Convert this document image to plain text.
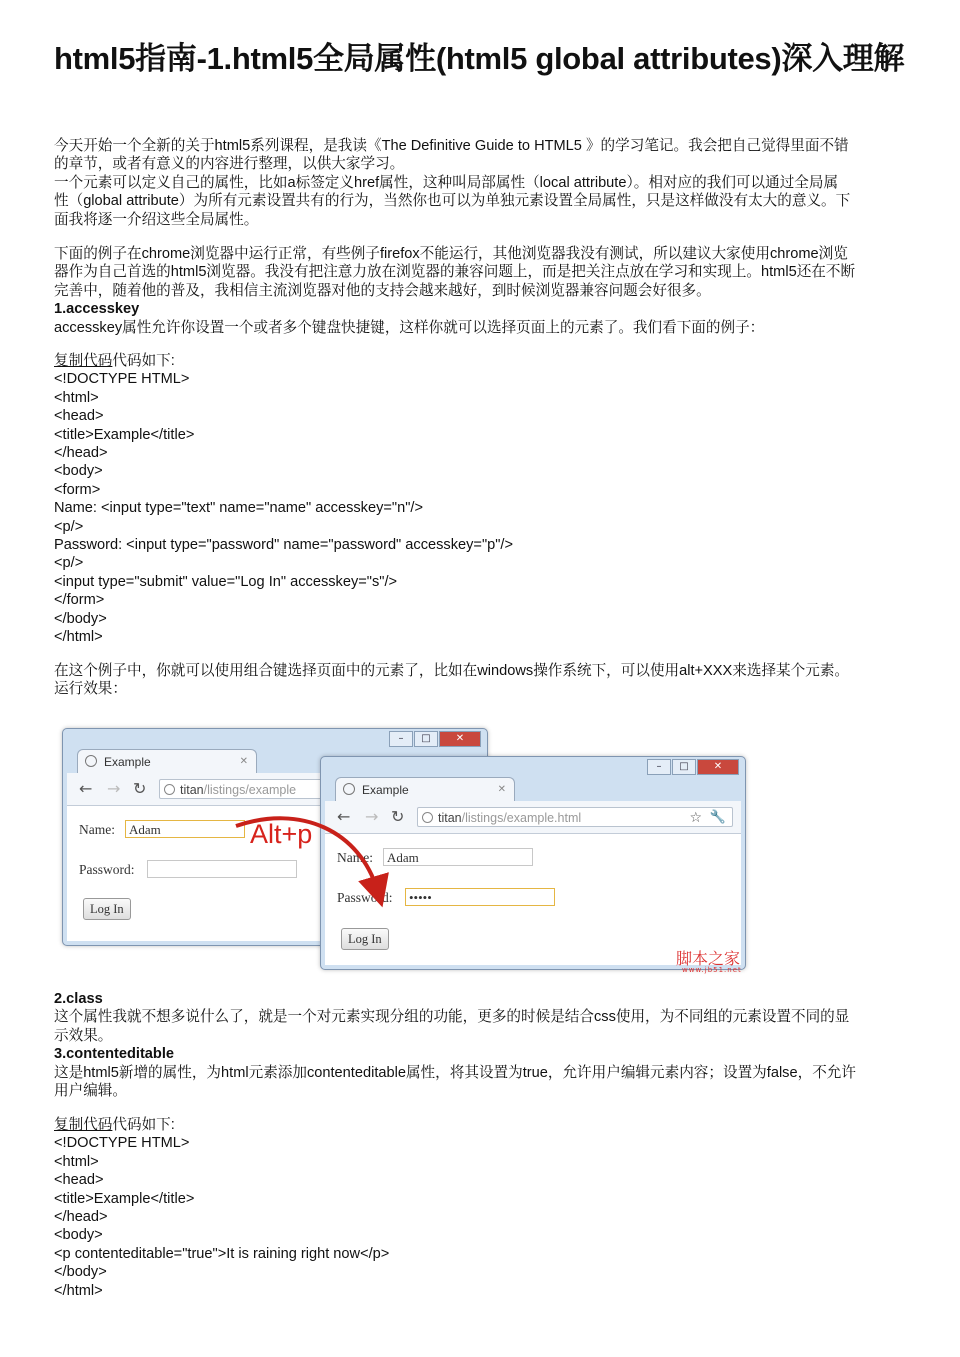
html5指南-1.html5全局属性(html5 global attributes)深入理解

今天开始一个全新的关于html5系列课程，是我读《The Definitive Guide to HTML5 》的学习笔记。我会把自己觉得里面不错

的章节，或者有意义的内容进行整理，以供大家学习。

一个元素可以定义自己的属性，比如a标签定义href属性，这种叫局部属性（local attribute）。相对应的我们可以通过全局属

性（global attribute）为所有元素设置共有的行为，当然你也可以为单独元素设置全局属性，只是这样做没有太大的意义。下

面我将逐一介绍这些全局属性。

下面的例子在chrome浏览器中运行正常，有些例子firefox不能运行，其他浏览器我没有测试，所以建议大家使用chrome浏览

器作为自己首选的html5浏览器。我没有把注意力放在浏览器的兼容问题上，而是把关注点放在学习和实现上。html5还在不断

完善中，随着他的普及，我相信主流浏览器对他的支持会越来越好，到时候浏览器兼容问题会好很多。

1.accesskey

accesskey属性允许你设置一个或者多个键盘快捷键，这样你就可以选择页面上的元素了。我们看下面的例子：

复制代码代码如下:

<!DOCTYPE HTML>

<html>

<head>

<title>Example</title>

</head>

<body>

<form>

Name: <input type="text" name="name" accesskey="n"/>

<p/>

Password: <input type="password" name="password" accesskey="p"/>

<p/>

<input type="submit" value="Log In" accesskey="s"/>

</form>

</body>

</html>

在这个例子中，你就可以使用组合键选择页面中的元素了，比如在windows操作系统下，可以使用alt+XXX来选择某个元素。

运行效果：

–	□	✕
Example	✕
← → ↻	titan/listings/example
Name:	Adam
Password:
Log In
–	□	✕
Example	✕
← → ↻	titan/listings/example.html	☆ 🔧
Name:	Adam
Password:	•••••
Log In
Alt+p
脚本之家
www.jb51.net

2.class

这个属性我就不想多说什么了，就是一个对元素实现分组的功能，更多的时候是结合css使用，为不同组的元素设置不同的显

示效果。

3.contenteditable

这是html5新增的属性，为html元素添加contenteditable属性，将其设置为true，允许用户编辑元素内容；设置为false，不允许

用户编辑。

复制代码代码如下:

<!DOCTYPE HTML>

<html>

<head>

<title>Example</title>

</head>

<body>

<p contenteditable="true">It is raining right now</p>

</body>

</html>
